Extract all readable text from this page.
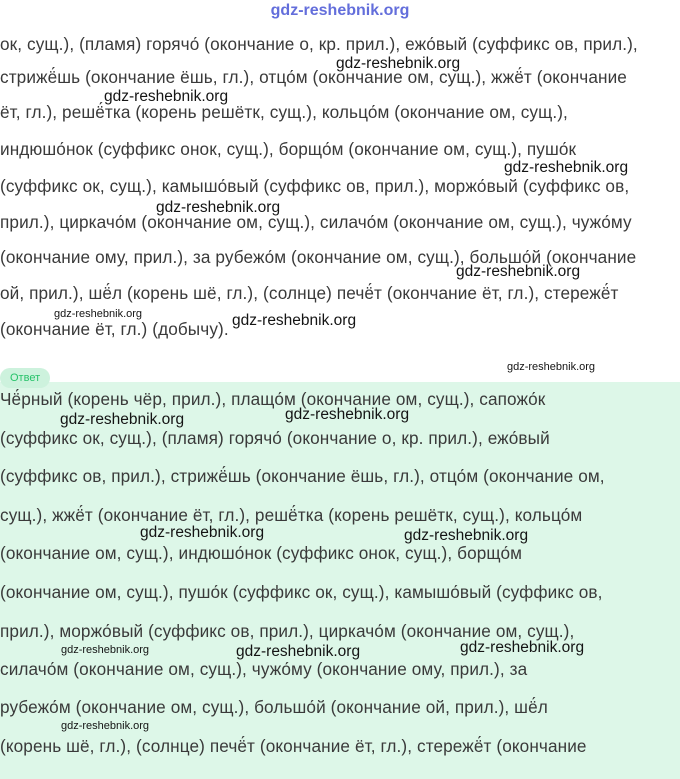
gdz-reshebnik.org
ок, сущ.), (пламя) горячо́ (окончание о, кр. прил.), ежо́вый (суффикс ов, прил.),
стрижё́шь (окончание ёшь, гл.), отцо́м (окончание ом, сущ.), жжё́т (окончание
ёт, гл.), решё́тка (корень решётк, сущ.), кольцо́м (окончание ом, сущ.),
индюшо́нок (суффикс онок, сущ.), борщо́м (окончание ом, сущ.), пушо́к
(суффикс ок, сущ.), камышо́вый (суффикс ов, прил.), моржо́вый (суффикс ов,
прил.), циркачо́м (окончание ом, сущ.), силачо́м (окончание ом, сущ.), чужо́му
(окончание ому, прил.), за рубежо́м (окончание ом, сущ.), большо́й (окончание
ой, прил.), шё́л (корень шё, гл.), (солнце) печё́т (окончание ёт, гл.), стережё́т
(окончание ёт, гл.) (добычу).
Ответ
Чё́рный (корень чёр, прил.), плащо́м (окончание ом, сущ.), сапожо́к
(суффикс ок, сущ.), (пламя) горячо́ (окончание о, кр. прил.), ежо́вый
(суффикс ов, прил.), стрижё́шь (окончание ёшь, гл.), отцо́м (окончание ом,
сущ.), жжё́т (окончание ёт, гл.), решё́тка (корень решётк, сущ.), кольцо́м
(окончание ом, сущ.), индюшо́нок (суффикс онок, сущ.), борщо́м
(окончание ом, сущ.), пушо́к (суффикс ок, сущ.), камышо́вый (суффикс ов,
прил.), моржо́вый (суффикс ов, прил.), циркачо́м (окончание ом, сущ.),
силачо́м (окончание ом, сущ.), чужо́му (окончание ому, прил.), за
рубежо́м (окончание ом, сущ.), большо́й (окончание ой, прил.), шё́л
(корень шё, гл.), (солнце) печё́т (окончание ёт, гл.), стережё́т (окончание
gdz-reshebnik.org
gdz-reshebnik.org
gdz-reshebnik.org
gdz-reshebnik.org
gdz-reshebnik.org
gdz-reshebnik.org	gdz-reshebnik.org
gdz-reshebnik.org
gdz-reshebnik.org
gdz-reshebnik.org
gdz-reshebnik.org	gdz-reshebnik.org
gdz-reshebnik.org	gdz-reshebnik.org	gdz-reshebnik.org
gdz-reshebnik.org
